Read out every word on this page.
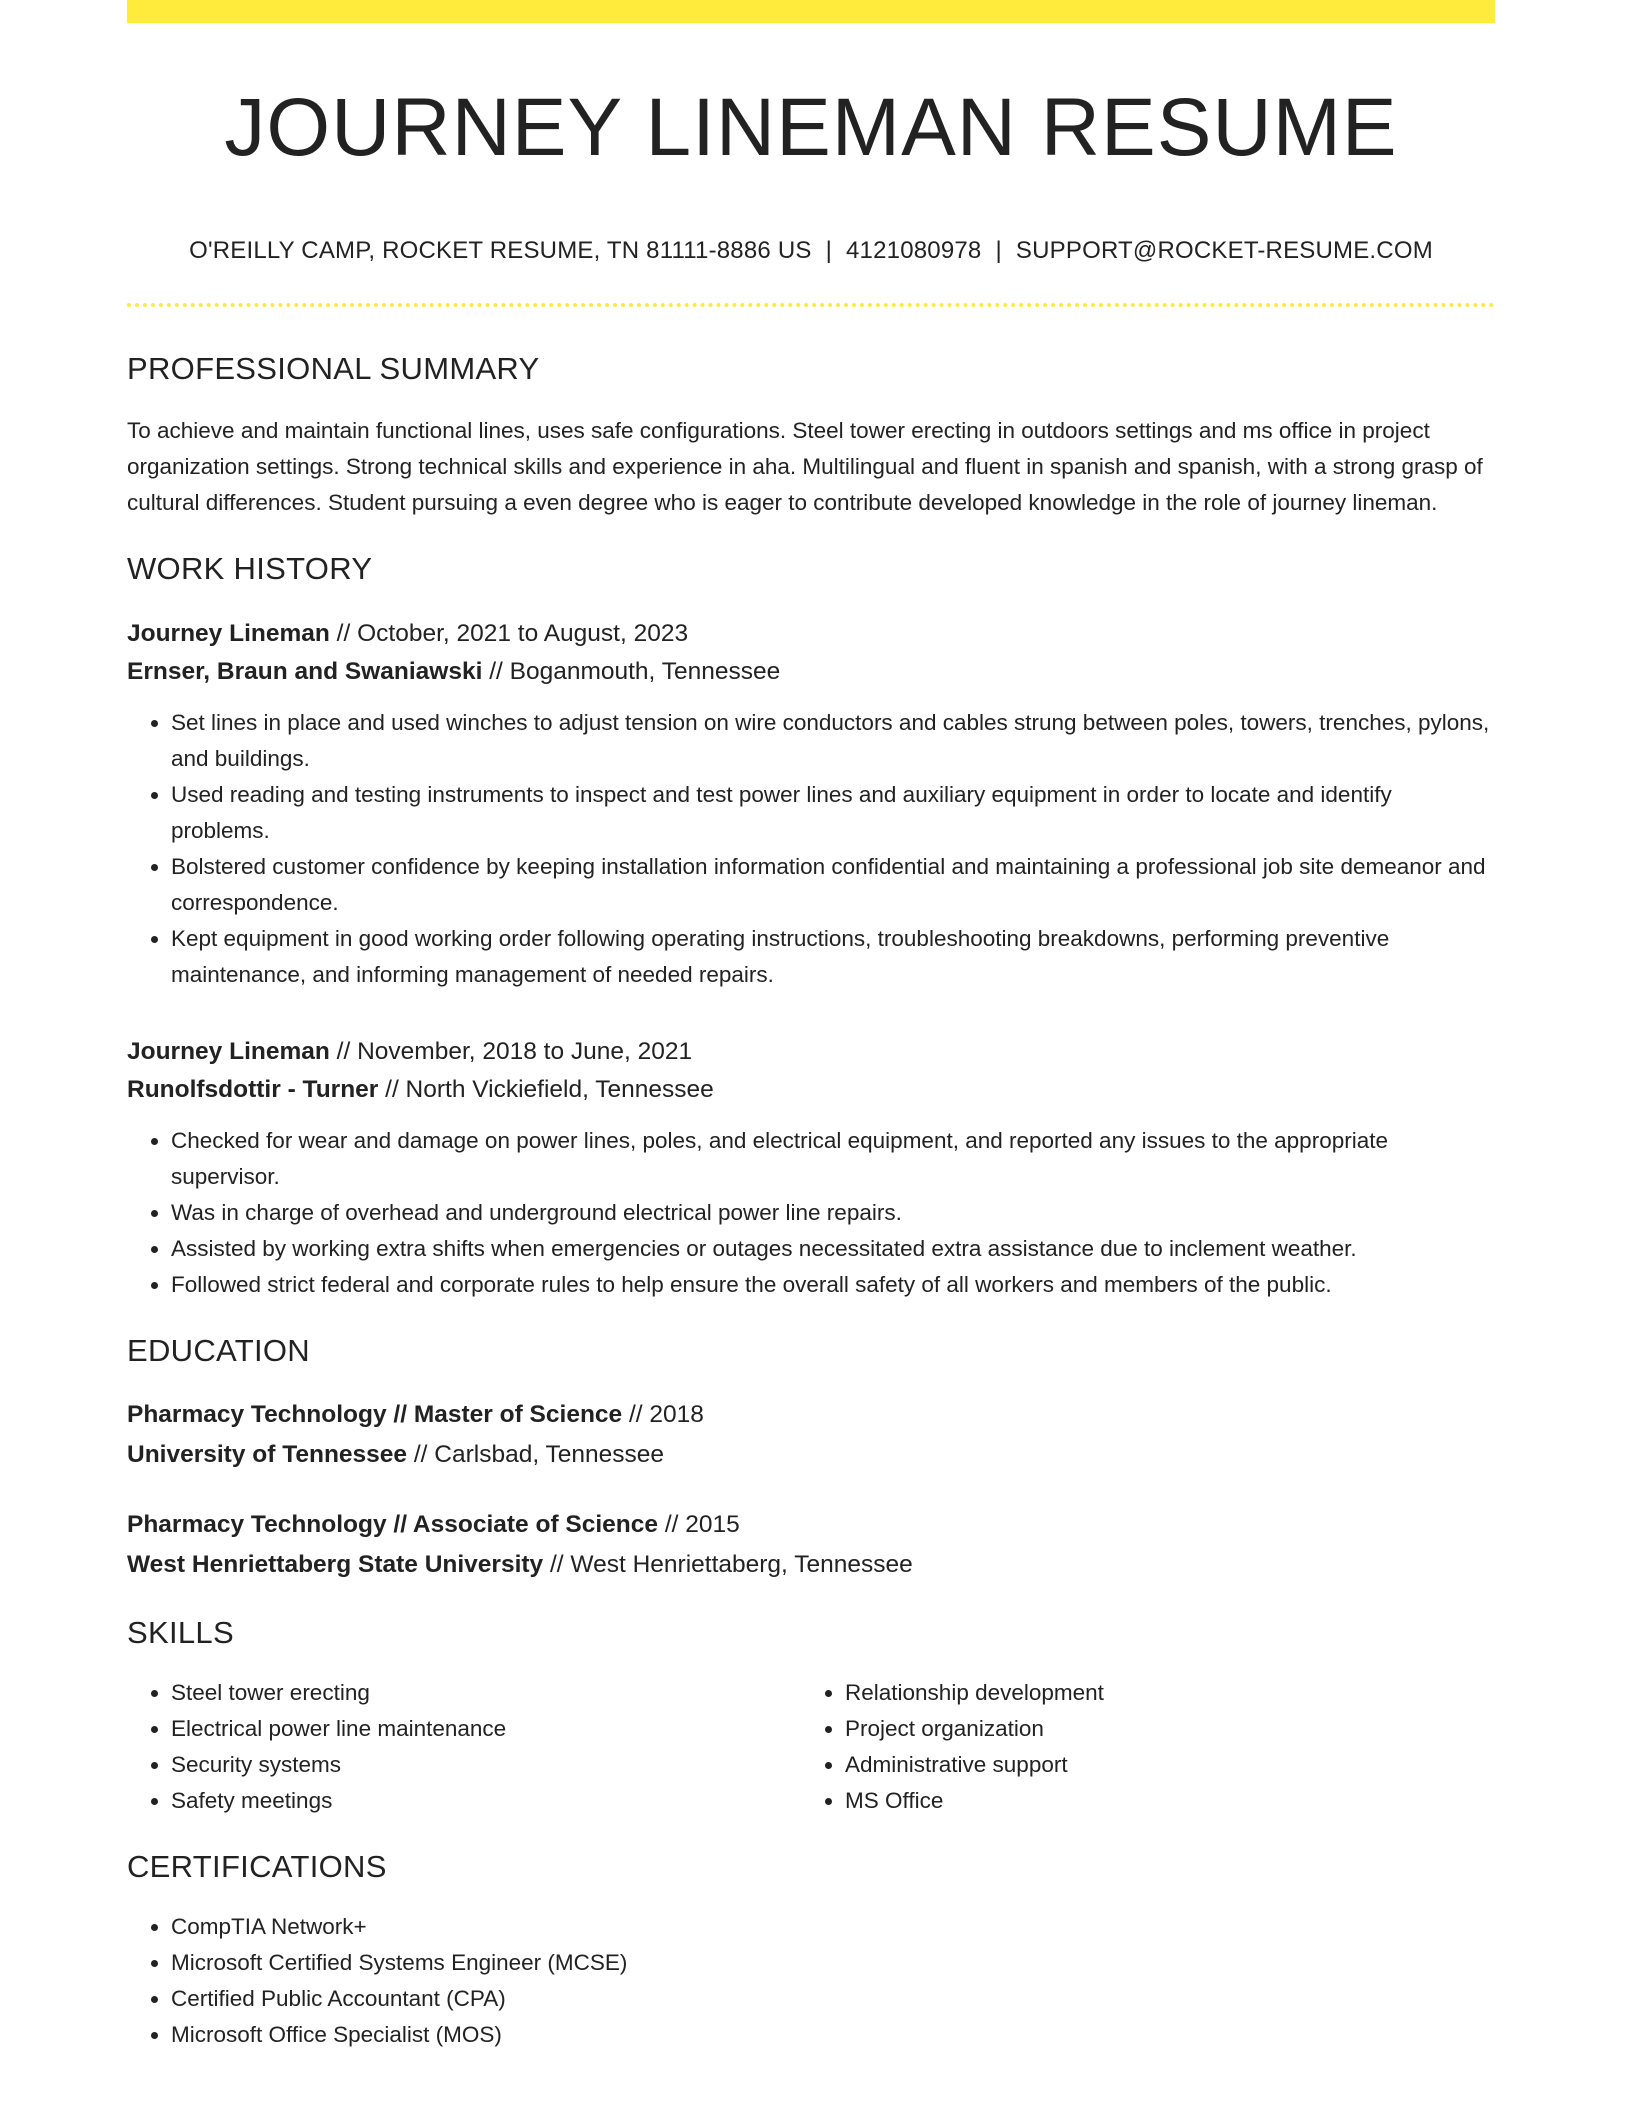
JOURNEY LINEMAN RESUME
O'REILLY CAMP, ROCKET RESUME, TN 81111-8886 US | 4121080978 | SUPPORT@ROCKET-RESUME.COM
PROFESSIONAL SUMMARY

To achieve and maintain functional lines, uses safe configurations. Steel tower erecting in outdoors settings and ms office in project organization settings. Strong technical skills and experience in aha. Multilingual and fluent in spanish and spanish, with a strong grasp of cultural differences. Student pursuing a even degree who is eager to contribute developed knowledge in the role of journey lineman.

WORK HISTORY
Journey Lineman // October, 2021 to August, 2023
Ernser, Braun and Swaniawski // Boganmouth, Tennessee
• Set lines in place and used winches to adjust tension on wire conductors and cables strung between poles, towers, trenches, pylons, and buildings.
• Used reading and testing instruments to inspect and test power lines and auxiliary equipment in order to locate and identify problems.
• Bolstered customer confidence by keeping installation information confidential and maintaining a professional job site demeanor and correspondence.
• Kept equipment in good working order following operating instructions, troubleshooting breakdowns, performing preventive maintenance, and informing management of needed repairs.
Journey Lineman // November, 2018 to June, 2021
Runolfsdottir - Turner // North Vickiefield, Tennessee
• Checked for wear and damage on power lines, poles, and electrical equipment, and reported any issues to the appropriate supervisor.
• Was in charge of overhead and underground electrical power line repairs.
• Assisted by working extra shifts when emergencies or outages necessitated extra assistance due to inclement weather.
• Followed strict federal and corporate rules to help ensure the overall safety of all workers and members of the public.
EDUCATION
Pharmacy Technology // Master of Science // 2018
University of Tennessee // Carlsbad, Tennessee
Pharmacy Technology // Associate of Science // 2015
West Henriettaberg State University // West Henriettaberg, Tennessee
SKILLS
• Steel tower erecting
• Electrical power line maintenance
• Security systems
• Safety meetings
• Relationship development
• Project organization
• Administrative support
• MS Office
CERTIFICATIONS
• CompTIA Network+
• Microsoft Certified Systems Engineer (MCSE)
• Certified Public Accountant (CPA)
• Microsoft Office Specialist (MOS)
